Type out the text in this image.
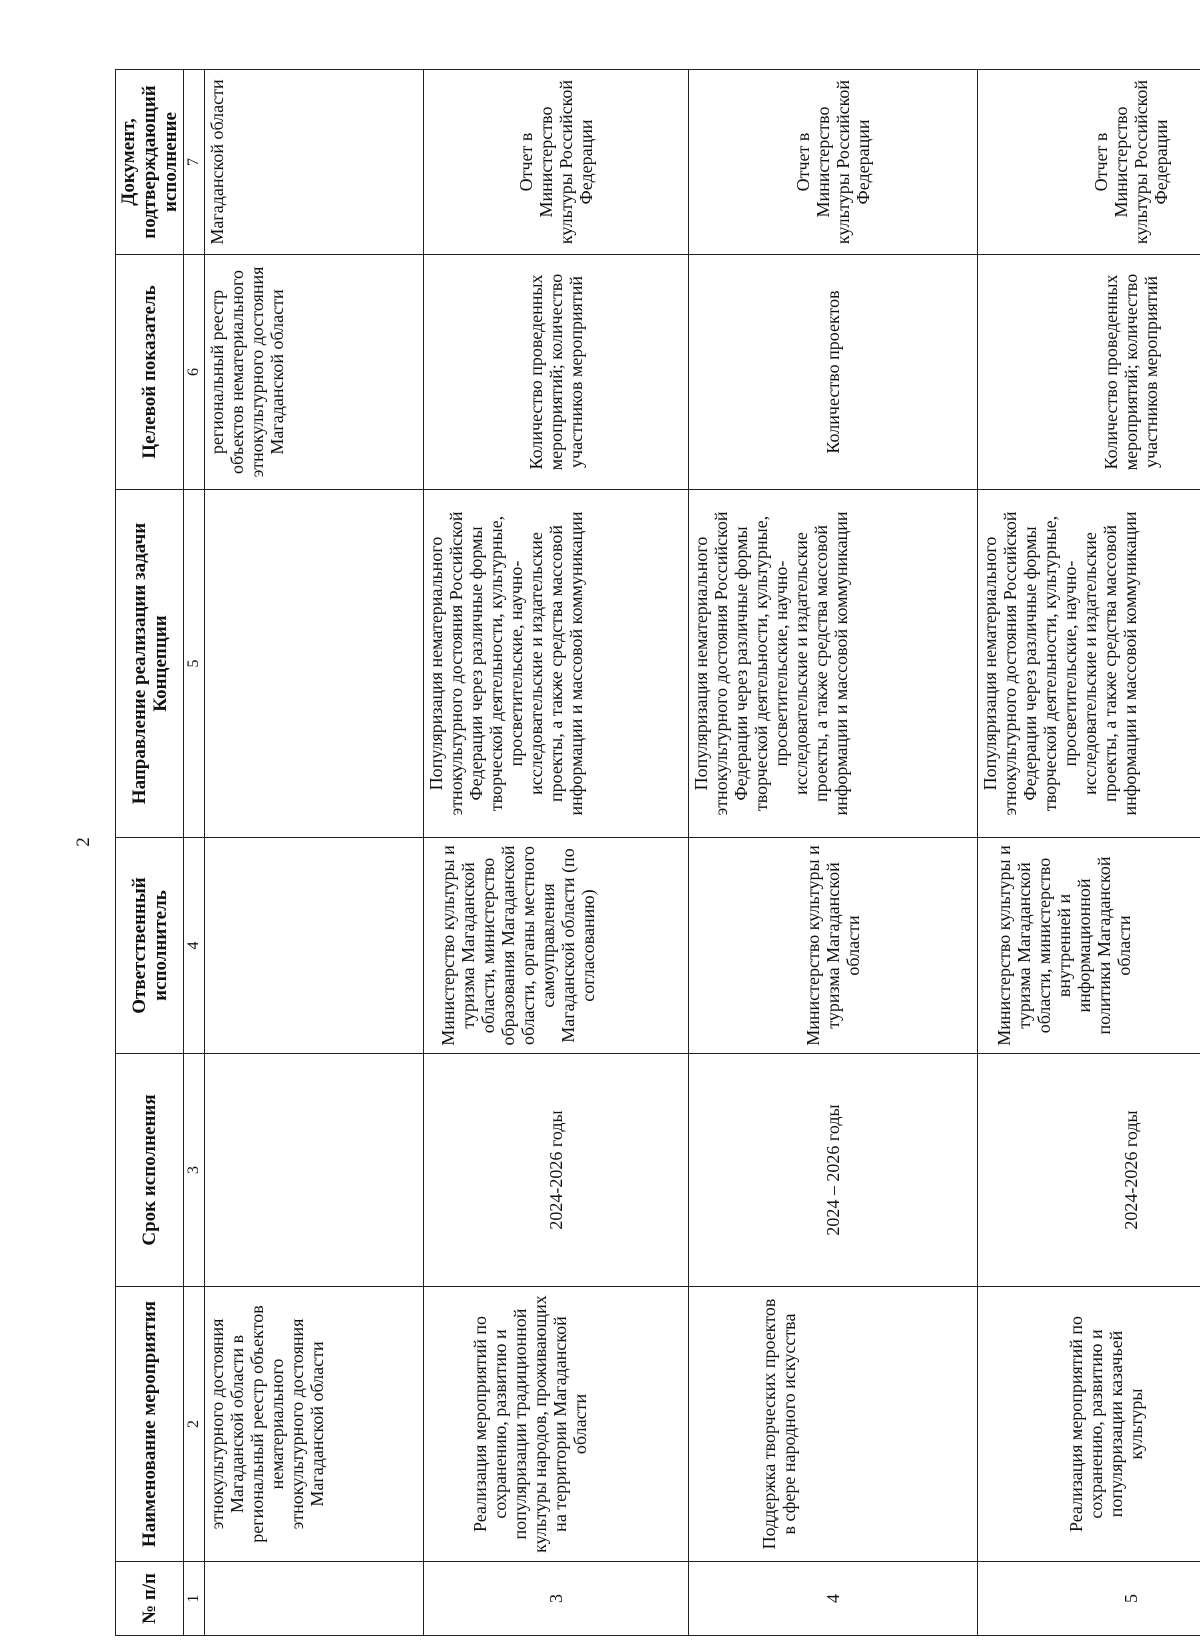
2
№ п/п	Наименование мероприятия	Срок исполнения	Ответственный исполнитель	Направление реализации задачи Концепции	Целевой показатель	Документ, подтверждающий исполнение
1	2	3	4	5	6	7
	этнокультурного достояния Магаданской области в региональный реестр объектов нематериального этнокультурного достояния Магаданской области				региональный реестр объектов нематериального этнокультурного достояния Магаданской области	Магаданской области
3	Реализация мероприятий по сохранению, развитию и популяризации традиционной культуры народов, проживающих на территории Магаданской области	2024-2026 годы	Министерство культуры и туризма Магаданской области, министерство образования Магаданской области, органы местного самоуправления Магаданской области (по согласованию)	Популяризация нематериального этнокультурного достояния Российской Федерации через различные формы творческой деятельности, культурные, просветительские, научно-исследовательские и издательские проекты, а также средства массовой информации и массовой коммуникации	Количество проведенных мероприятий; количество участников мероприятий	Отчет в Министерство культуры Российской Федерации
4	Поддержка творческих проектов в сфере народного искусства	2024 – 2026 годы	Министерство культуры и туризма Магаданской области	Популяризация нематериального этнокультурного достояния Российской Федерации через различные формы творческой деятельности, культурные, просветительские, научно-исследовательские и издательские проекты, а также средства массовой информации и массовой коммуникации	Количество проектов	Отчет в Министерство культуры Российской Федерации
5	Реализация мероприятий по сохранению, развитию и популяризации казачьей культуры	2024-2026 годы	Министерство культуры и туризма Магаданской области, министерство внутренней и информационной политики Магаданской области	Популяризация нематериального этнокультурного достояния Российской Федерации через различные формы творческой деятельности, культурные, просветительские, научно-исследовательские и издательские проекты, а также средства массовой информации и массовой коммуникации	Количество проведенных мероприятий; количество участников мероприятий	Отчет в Министерство культуры Российской Федерации
